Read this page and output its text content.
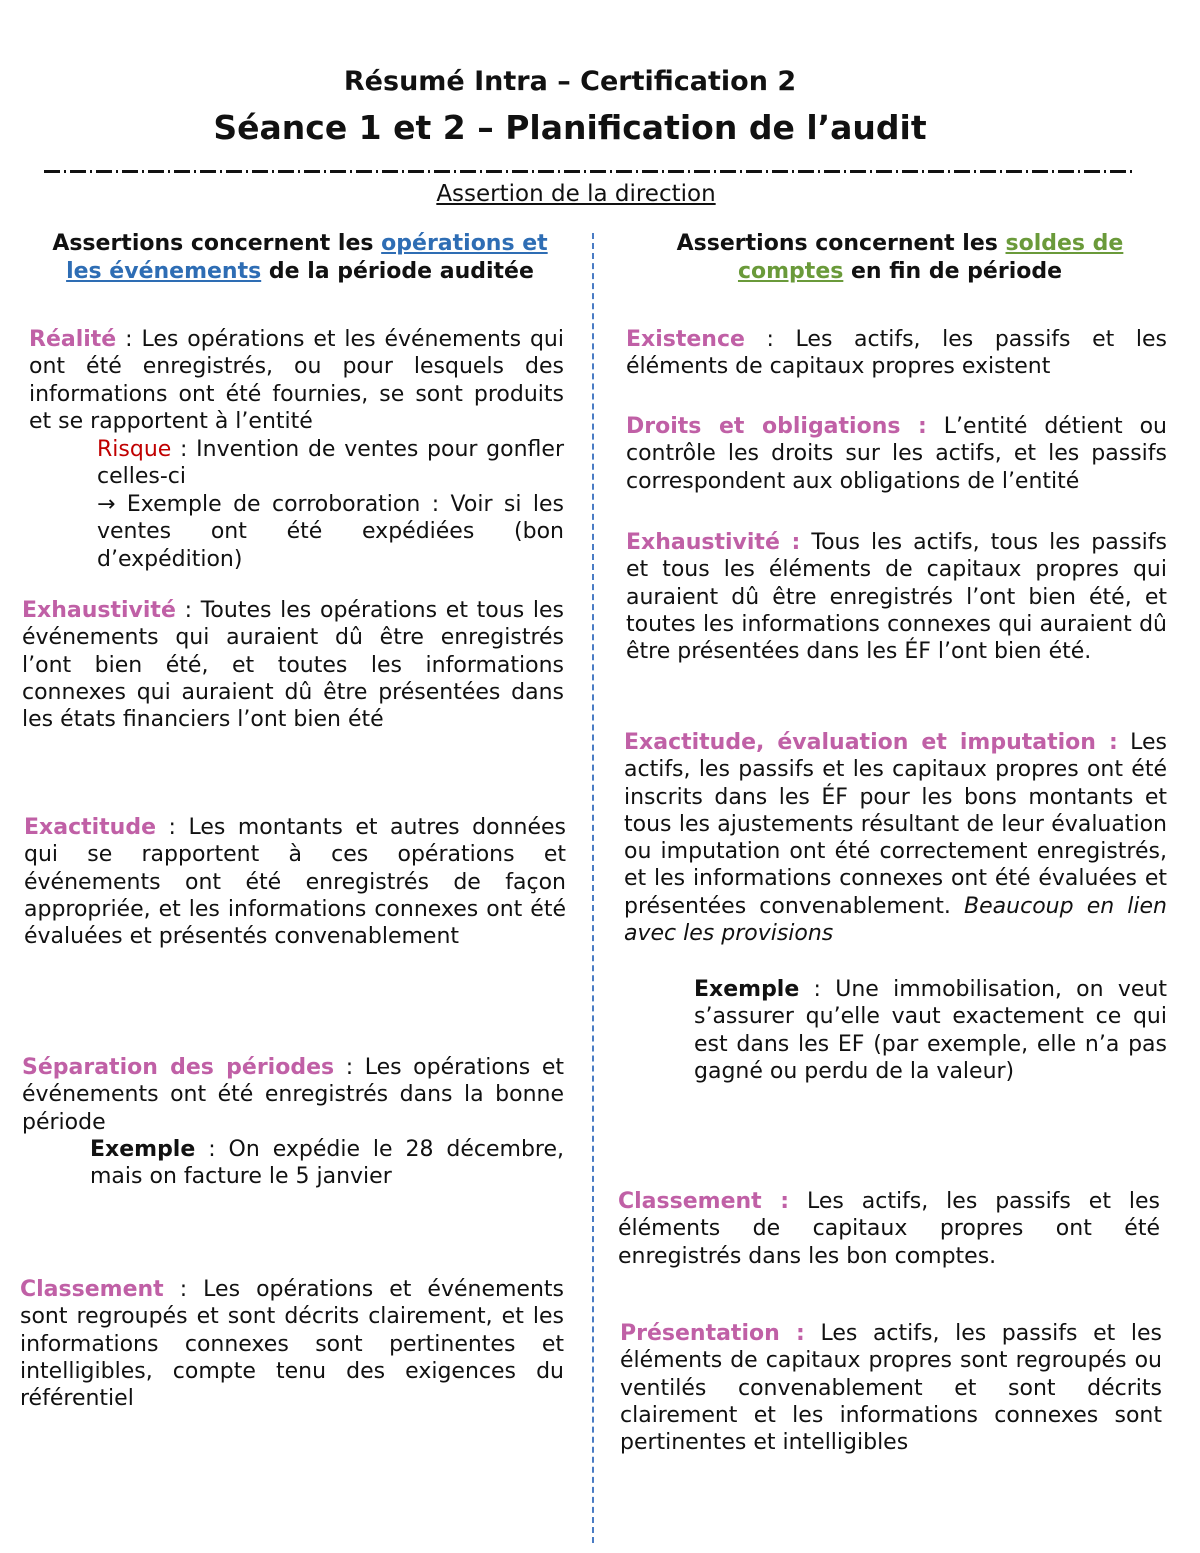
Résumé Intra – Certification 2
Séance 1 et 2 – Planification de l’audit
Assertion de la direction
Assertions concernent les opérations et les événements de la période auditée
Réalité : Les opérations et les événements qui ont été enregistrés, ou pour lesquels des informations ont été fournies, se sont produits et se rapportent à l’entité
Risque : Invention de ventes pour gonfler celles-ci
→ Exemple de corroboration : Voir si les ventes ont été expédiées (bon d’expédition)
Exhaustivité : Toutes les opérations et tous les événements qui auraient dû être enregistrés l’ont bien été, et toutes les informations connexes qui auraient dû être présentées dans les états financiers l’ont bien été
Exactitude : Les montants et autres données qui se rapportent à ces opérations et événements ont été enregistrés de façon appropriée, et les informations connexes ont été évaluées et présentés convenablement
Séparation des périodes : Les opérations et événements ont été enregistrés dans la bonne période
Exemple : On expédie le 28 décembre, mais on facture le 5 janvier
Classement : Les opérations et événements sont regroupés et sont décrits clairement, et les informations connexes sont pertinentes et intelligibles, compte tenu des exigences du référentiel
Assertions concernent les soldes de comptes en fin de période
Existence : Les actifs, les passifs et les éléments de capitaux propres existent
Droits et obligations : L’entité détient ou contrôle les droits sur les actifs, et les passifs correspondent aux obligations de l’entité
Exhaustivité : Tous les actifs, tous les passifs et tous les éléments de capitaux propres qui auraient dû être enregistrés l’ont bien été, et toutes les informations connexes qui auraient dû être présentées dans les ÉF l’ont bien été.
Exactitude, évaluation et imputation : Les actifs, les passifs et les capitaux propres ont été inscrits dans les ÉF pour les bons montants et tous les ajustements résultant de leur évaluation ou imputation ont été correctement enregistrés, et les informations connexes ont été évaluées et présentées convenablement. Beaucoup en lien avec les provisions
Exemple : Une immobilisation, on veut s’assurer qu’elle vaut exactement ce qui est dans les EF (par exemple, elle n’a pas gagné ou perdu de la valeur)
Classement : Les actifs, les passifs et les éléments de capitaux propres ont été enregistrés dans les bon comptes.
Présentation : Les actifs, les passifs et les éléments de capitaux propres sont regroupés ou ventilés convenablement et sont décrits clairement et les informations connexes sont pertinentes et intelligibles
